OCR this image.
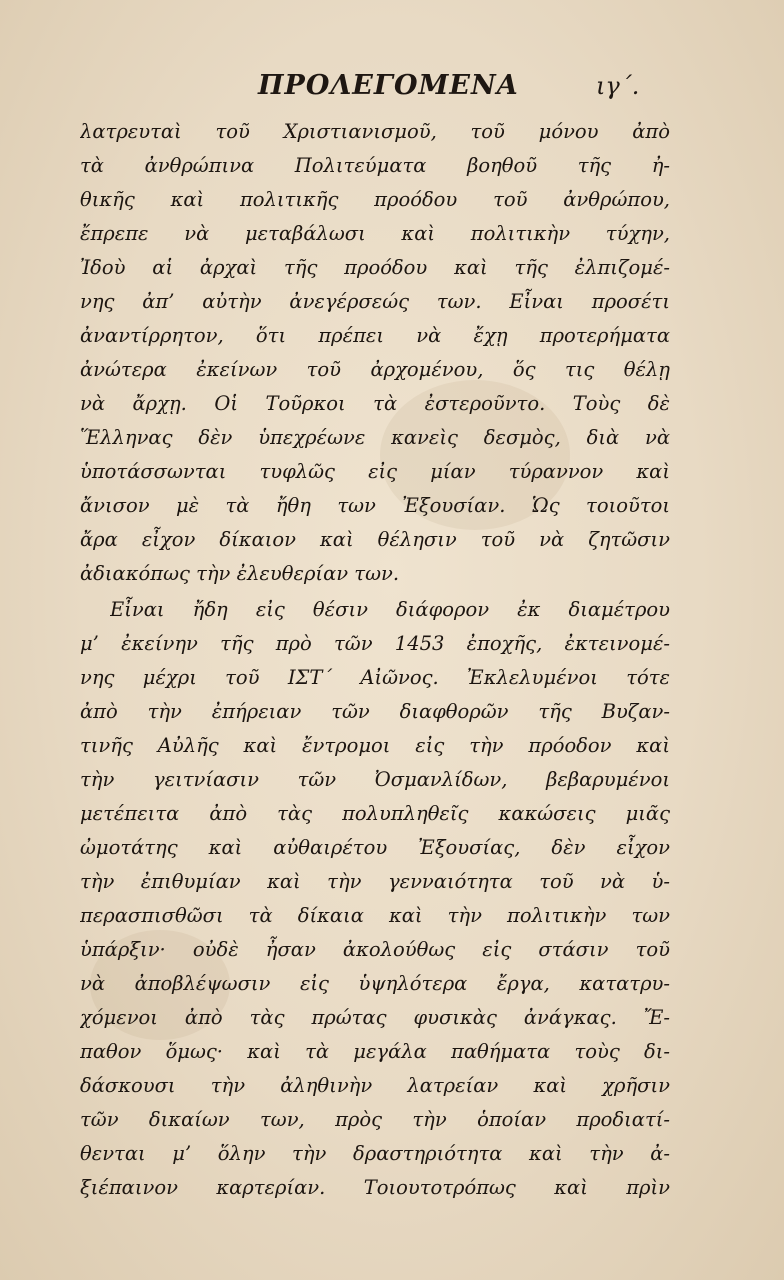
ΠΡΟΛΕΓΟΜΕΝΑ	ιγ΄.
λατρευταὶ τοῦ Χριστιανισμοῦ, τοῦ μόνου ἀπὸ
τὰ ἀνθρώπινα Πολιτεύματα βοηθοῦ τῆς ἠ-
θικῆς καὶ πολιτικῆς προόδου τοῦ ἀνθρώπου,
ἔπρεπε νὰ μεταβάλωσι καὶ πολιτικὴν τύχην,
Ἰδοὺ αἱ ἀρχαὶ τῆς προόδου καὶ τῆς ἐλπιζομέ-
νης ἀπ’ αὐτὴν ἀνεγέρσεώς των. Εἶναι προσέτι
ἀναντίρρητον, ὅτι πρέπει νὰ ἔχῃ προτερήματα
ἀνώτερα ἐκείνων τοῦ ἀρχομένου, ὅς τις θέλῃ
νὰ ἄρχῃ. Οἱ Τοῦρκοι τὰ ἐστεροῦντο. Τοὺς δὲ
Ἕλληνας δὲν ὑπεχρέωνε κανεὶς δεσμὸς, διὰ νὰ
ὑποτάσσωνται τυφλῶς εἰς μίαν τύραννον καὶ
ἄνισον μὲ τὰ ἤθη των Ἐξουσίαν. Ὡς τοιοῦτοι
ἄρα εἶχον δίκαιον καὶ θέλησιν τοῦ νὰ ζητῶσιν
ἀδιακόπως τὴν ἐλευθερίαν των.
Εἶναι ἤδη εἰς θέσιν διάφορον ἐκ διαμέτρου
μ’ ἐκείνην τῆς πρὸ τῶν 1453 ἐποχῆς, ἐκτεινομέ-
νης μέχρι τοῦ ΙΣΤ΄ Αἰῶνος. Ἐκλελυμένοι τότε
ἀπὸ τὴν ἐπήρειαν τῶν διαφθορῶν τῆς Βυζαν-
τινῆς Αὐλῆς καὶ ἔντρομοι εἰς τὴν πρόοδον καὶ
τὴν γειτνίασιν τῶν Ὀσμανλίδων, βεβαρυμένοι
μετέπειτα ἀπὸ τὰς πολυπληθεῖς κακώσεις μιᾶς
ὠμοτάτης καὶ αὐθαιρέτου Ἐξουσίας, δὲν εἶχον
τὴν ἐπιθυμίαν καὶ τὴν γενναιότητα τοῦ νὰ ὑ-
περασπισθῶσι τὰ δίκαια καὶ τὴν πολιτικὴν των
ὑπάρξιν· οὐδὲ ἦσαν ἀκολούθως εἰς στάσιν τοῦ
νὰ ἀποβλέψωσιν εἰς ὑψηλότερα ἔργα, κατατρυ-
χόμενοι ἀπὸ τὰς πρώτας φυσικὰς ἀνάγκας. Ἔ-
παθον ὅμως· καὶ τὰ μεγάλα παθήματα τοὺς δι-
δάσκουσι τὴν ἀληθινὴν λατρείαν καὶ χρῆσιν
τῶν δικαίων των, πρὸς τὴν ὁποίαν προδιατί-
θενται μ’ ὅλην τὴν δραστηριότητα καὶ τὴν ἀ-
ξιέπαινον καρτερίαν. Τοιουτοτρόπως καὶ πρὶν
